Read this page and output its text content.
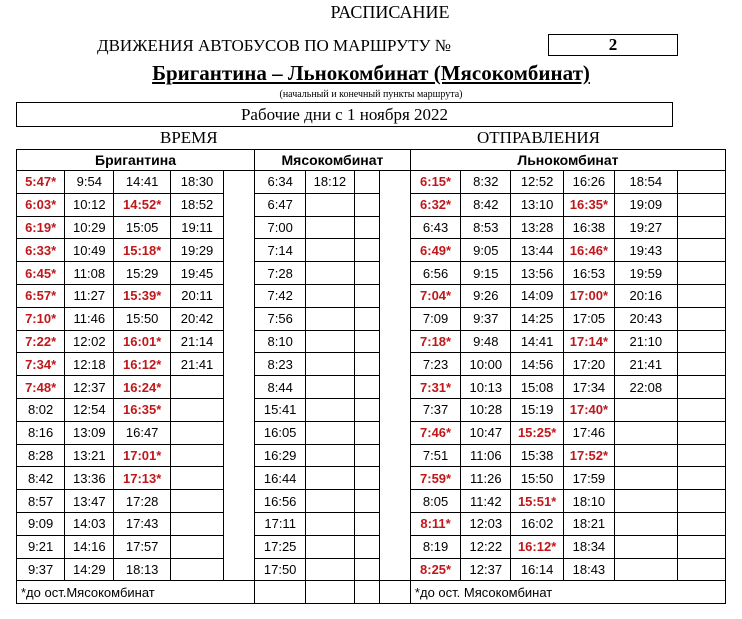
РАСПИСАНИЕ
ДВИЖЕНИЯ АВТОБУСОВ ПО МАРШРУТУ №	2
Бригантина – Льнокомбинат (Мясокомбинат)
(начальный и конечный пункты маршрута)
Рабочие дни с 1 ноября 2022
ВРЕМЯ	ОТПРАВЛЕНИЯ
Бригантина					Мясокомбинат				Льнокомбинат					
5:47*	9:54	14:41	18:30		6:34	18:12			6:15*	8:32	12:52	16:26	18:54	
6:03*	10:12	14:52*	18:52		6:47				6:32*	8:42	13:10	16:35*	19:09	
6:19*	10:29	15:05	19:11		7:00				6:43	8:53	13:28	16:38	19:27	
6:33*	10:49	15:18*	19:29		7:14				6:49*	9:05	13:44	16:46*	19:43	
6:45*	11:08	15:29	19:45		7:28				6:56	9:15	13:56	16:53	19:59	
6:57*	11:27	15:39*	20:11		7:42				7:04*	9:26	14:09	17:00*	20:16	
7:10*	11:46	15:50	20:42		7:56				7:09	9:37	14:25	17:05	20:43	
7:22*	12:02	16:01*	21:14		8:10				7:18*	9:48	14:41	17:14*	21:10	
7:34*	12:18	16:12*	21:41		8:23				7:23	10:00	14:56	17:20	21:41	
7:48*	12:37	16:24*			8:44				7:31*	10:13	15:08	17:34	22:08	
8:02	12:54	16:35*			15:41				7:37	10:28	15:19	17:40*		
8:16	13:09	16:47			16:05				7:46*	10:47	15:25*	17:46		
8:28	13:21	17:01*			16:29				7:51	11:06	15:38	17:52*		
8:42	13:36	17:13*			16:44				7:59*	11:26	15:50	17:59		
8:57	13:47	17:28			16:56				8:05	11:42	15:51*	18:10		
9:09	14:03	17:43			17:11				8:11*	12:03	16:02	18:21		
9:21	14:16	17:57			17:25				8:19	12:22	16:12*	18:34		
9:37	14:29	18:13			17:50				8:25*	12:37	16:14	18:43		
*до ост.Мясокомбинат									*до ост. Мясокомбинат					
